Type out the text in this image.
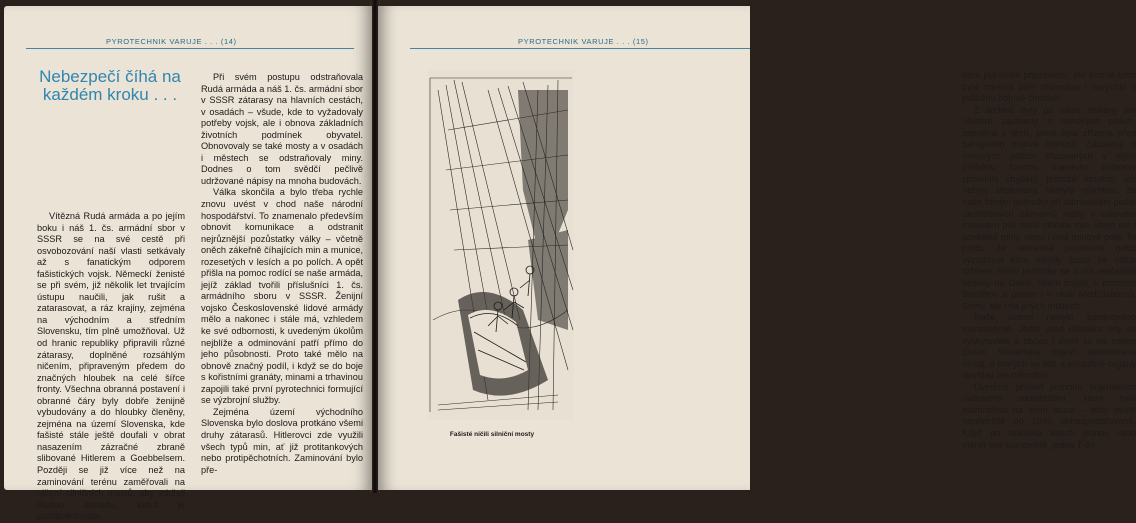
PYROTECHNIK VARUJE . . . (14)
Nebezpečí číhá na každém kroku . . .

Vítězná Rudá armáda a po jejím boku i náš 1. čs. armádní sbor v SSSR se na své cestě při osvobozování naší vlasti setkávaly až s fanatickým odporem fašistických vojsk. Německí ženisté se při svém, již několik let trvajícím ústupu naučili, jak rušit a zatarasovat, a ráz krajiny, zejména na východním a středním Slovensku, tím plně umožňoval. Už od hranic republiky připravili různé zátarasy, doplněné rozsáhlým ničením, připraveným předem do značných hloubek na celé šířce fronty. Všechna obranná postavení i obranné čáry byly dobře ženijně vybudovány a do hloubky členěny, zejména na území Slovenska, kde fašisté stále ještě doufali v obrat nasazením zázračné zbraně slibované Hitlerem a Goebbelsem. Později se již více než na zaminování terénu zaměřovali na ničení silničních mostů, aby zdrželi Rudou armádu, která je pronásledovala.

Při svém postupu odstraňovala Rudá armáda a náš 1. čs. armádní sbor v SSSR zátarasy na hlavních cestách, v osadách – všude, kde to vyžadovaly potřeby vojsk, ale i obnova základních životních podmínek obyvatel. Obnovovaly se také mosty a v osadách i městech se odstraňovaly miny. Dodnes o tom svědčí pečlivě udržované nápisy na mnoha budovách.

Válka skončila a bylo třeba rychle znovu uvést v chod naše národní hospodářství. To znamenalo především obnovit komunikace a odstranit nejrůznější pozůstatky války – včetně oněch zákeřně číhajících min a munice, rozesetých v lesích a po polích. A opět přišla na pomoc rodící se naše armáda, jejíž základ tvořili příslušníci 1. čs. armádního sboru v SSSR. Ženijní vojsko Československé lidové armády mělo a nakonec i stále má, vzhledem ke své odbornosti, k uvedeným úkolům nejblíže a odminování patří přímo do jeho působnosti. Proto také mělo na obnově značný podíl, i když se do boje s kořistními granáty, minami a trhavinou zapojili také první pyrotechnici formující se výzbrojní služby.

Zejména území východního Slovenska bylo doslova protkáno všemi druhy zátarasů. Hitlerovci zde využili všech typů min, ať již protitankových nebo protipěchotních. Zaminování bylo pře-

PYROTECHNIK VARUJE . . . (15)
Fašisté ničili silniční mosty

dem plánovitě připraveno, ale kromě toho byla minová pole zřizována i narychlo v průběhu bojové činnosti.

Z archivů byly po válce získány jen některé záznamy o minových polích, zejména o těch, která byla zřízena před zahájením bojové činnosti. Záznamy o minových polích zřizovaných v jejím průběhu formou manévru zátarasy zpravidla chyběly, protože mnohdy ani nebyly zhotoveny. Nebylo výjimkou, že naše ženijní jednotky při odminování podle ukořistěných záznamů našly v takovém minovém poli další několik min, které ale i sověstké miny, nebo i celé minové pole. To proto, že německé postavení nebo významná kóta měnily často ve válce držitele. Naše jednotky se s tím nejčastěji setkaly na Dukle, ském bojišti, v prostoru Bardějov a potom i v okolí Medzilaborců, Sniny, ale i na jiných místech.

Naše území nebylo zaminováno rovnoměrně. Ještě před několika lety se vyskytovala a občas i dnes se na celém území Slovenska objeví zaminovaná místa, o kterých se lidé a příslušné orgány dovídají jen náhodou.

Uveďme příklad jednoho vojenského rádiového soustředění, které byla rozmístěno na lesní louce – tedy místě nepřetržitě od 1945 obhospodařované. Když po několika letech jednou ráno měnili své stanoviště, jedna T-84
